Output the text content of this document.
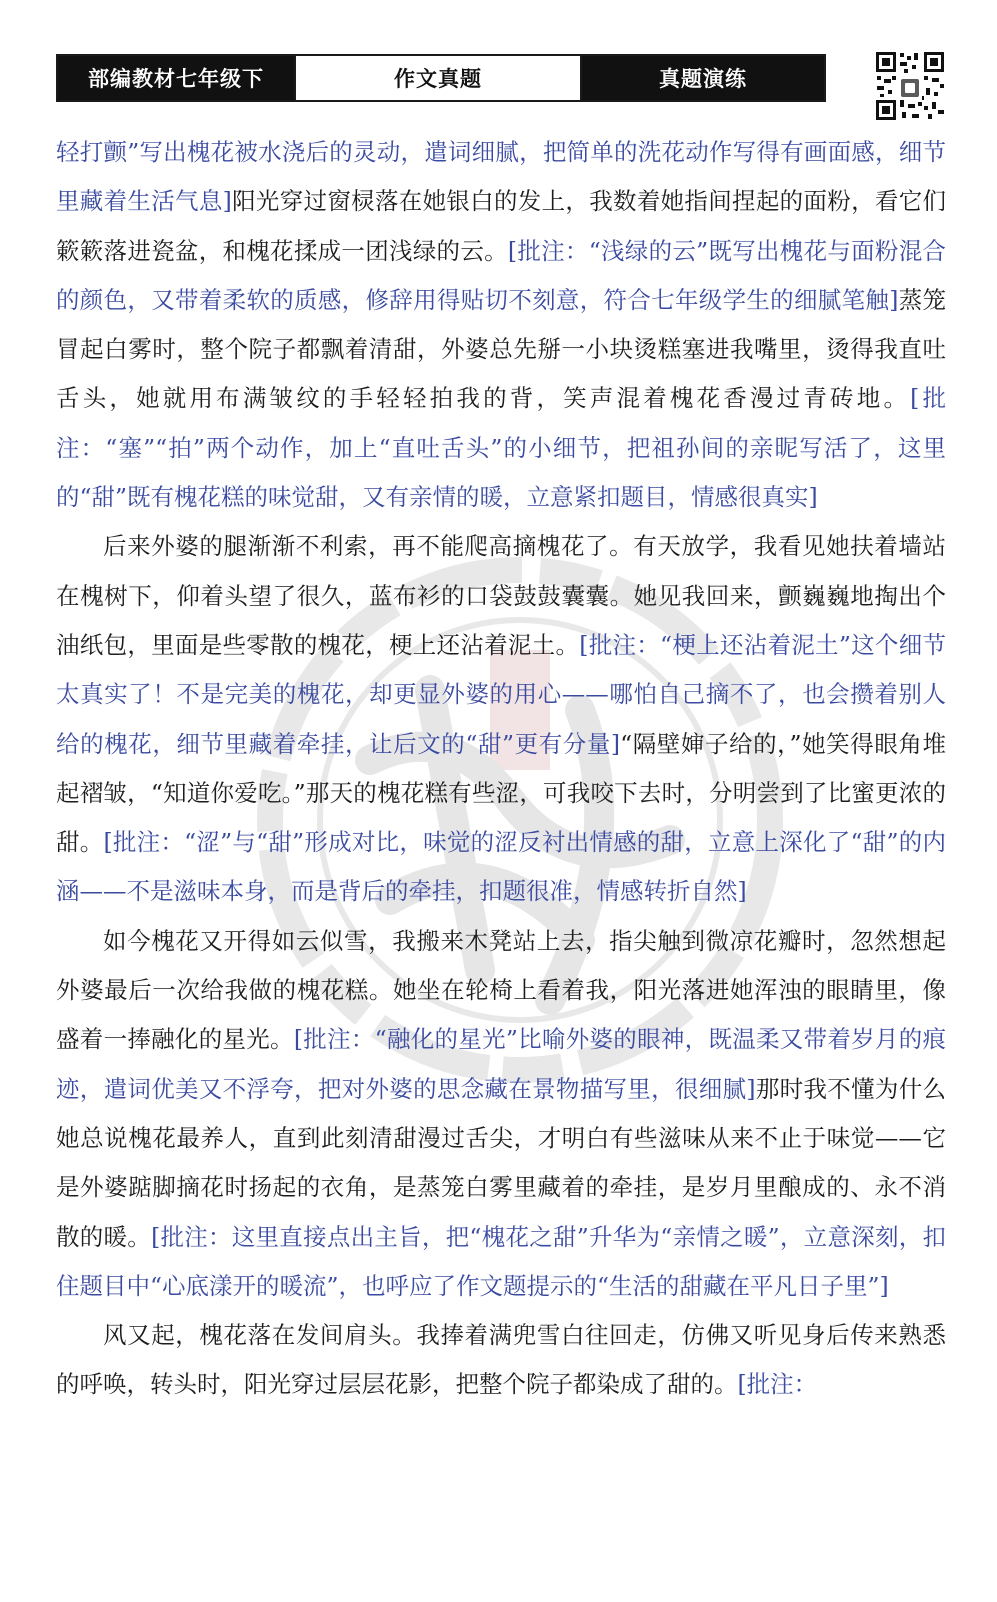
部编教材七年级下	作文真题	真题演练

轻打颤”写出槐花被水浇后的灵动，遣词细腻，把简单的洗花动作写得有画面感，细节里藏着生活气息]阳光穿过窗棂落在她银白的发上，我数着她指间捏起的面粉，看它们簌簌落进瓷盆，和槐花揉成一团浅绿的云。[批注：“浅绿的云”既写出槐花与面粉混合的颜色，又带着柔软的质感，修辞用得贴切不刻意，符合七年级学生的细腻笔触]蒸笼冒起白雾时，整个院子都飘着清甜，外婆总先掰一小块烫糕塞进我嘴里，烫得我直吐舌头，她就用布满皱纹的手轻轻拍我的背，笑声混着槐花香漫过青砖地。[批注：“塞”“拍”两个动作，加上“直吐舌头”的小细节，把祖孙间的亲昵写活了，这里的“甜”既有槐花糕的味觉甜，又有亲情的暖，立意紧扣题目，情感很真实]

后来外婆的腿渐渐不利索，再不能爬高摘槐花了。有天放学，我看见她扶着墙站在槐树下，仰着头望了很久，蓝布衫的口袋鼓鼓囊囊。她见我回来，颤巍巍地掏出个油纸包，里面是些零散的槐花，梗上还沾着泥土。[批注：“梗上还沾着泥土”这个细节太真实了！不是完美的槐花，却更显外婆的用心——哪怕自己摘不了，也会攒着别人给的槐花，细节里藏着牵挂，让后文的“甜”更有分量]“隔壁婶子给的，”她笑得眼角堆起褶皱，“知道你爱吃。”那天的槐花糕有些涩，可我咬下去时，分明尝到了比蜜更浓的甜。[批注：“涩”与“甜”形成对比，味觉的涩反衬出情感的甜，立意上深化了“甜”的内涵——不是滋味本身，而是背后的牵挂，扣题很准，情感转折自然]

如今槐花又开得如云似雪，我搬来木凳站上去，指尖触到微凉花瓣时，忽然想起外婆最后一次给我做的槐花糕。她坐在轮椅上看着我，阳光落进她浑浊的眼睛里，像盛着一捧融化的星光。[批注：“融化的星光”比喻外婆的眼神，既温柔又带着岁月的痕迹，遣词优美又不浮夸，把对外婆的思念藏在景物描写里，很细腻]那时我不懂为什么她总说槐花最养人，直到此刻清甜漫过舌尖，才明白有些滋味从来不止于味觉——它是外婆踮脚摘花时扬起的衣角，是蒸笼白雾里藏着的牵挂，是岁月里酿成的、永不消散的暖。[批注：这里直接点出主旨，把“槐花之甜”升华为“亲情之暖”，立意深刻，扣住题目中“心底漾开的暖流”，也呼应了作文题提示的“生活的甜藏在平凡日子里”]

风又起，槐花落在发间肩头。我捧着满兜雪白往回走，仿佛又听见身后传来熟悉的呼唤，转头时，阳光穿过层层花影，把整个院子都染成了甜的。[批注：
